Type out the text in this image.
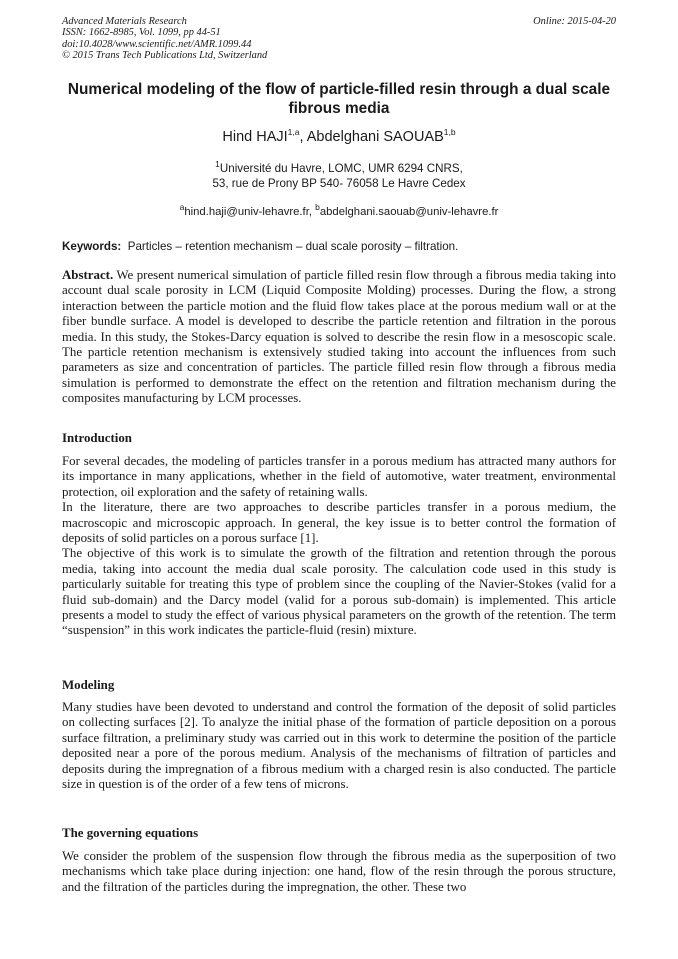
Advanced Materials Research
ISSN: 1662-8985, Vol. 1099, pp 44-51
doi:10.4028/www.scientific.net/AMR.1099.44
© 2015 Trans Tech Publications Ltd, Switzerland
Online: 2015-04-20
Numerical modeling of the flow of particle-filled resin through a dual scale fibrous media
Hind HAJI$^{1,a}$, Abdelghani SAOUAB$^{1,b}$
$^1$Université du Havre, LOMC, UMR 6294 CNRS,
53, rue de Prony BP 540- 76058 Le Havre Cedex
$^a$hind.haji@univ-lehavre.fr, $^b$abdelghani.saouab@univ-lehavre.fr
Keywords: Particles – retention mechanism – dual scale porosity – filtration.
Abstract. We present numerical simulation of particle filled resin flow through a fibrous media taking into account dual scale porosity in LCM (Liquid Composite Molding) processes. During the flow, a strong interaction between the particle motion and the fluid flow takes place at the porous medium wall or at the fiber bundle surface. A model is developed to describe the particle retention and filtration in the porous media. In this study, the Stokes-Darcy equation is solved to describe the resin flow in a mesoscopic scale. The particle retention mechanism is extensively studied taking into account the influences from such parameters as size and concentration of particles. The particle filled resin flow through a fibrous media simulation is performed to demonstrate the effect on the retention and filtration mechanism during the composites manufacturing by LCM processes.
Introduction

For several decades, the modeling of particles transfer in a porous medium has attracted many authors for its importance in many applications, whether in the field of automotive, water treatment, environmental protection, oil exploration and the safety of retaining walls.

In the literature, there are two approaches to describe particles transfer in a porous medium, the macroscopic and microscopic approach. In general, the key issue is to better control the formation of deposits of solid particles on a porous surface [1].

The objective of this work is to simulate the growth of the filtration and retention through the porous media, taking into account the media dual scale porosity. The calculation code used in this study is particularly suitable for treating this type of problem since the coupling of the Navier-Stokes (valid for a fluid sub-domain) and the Darcy model (valid for a porous sub-domain) is implemented. This article presents a model to study the effect of various physical parameters on the growth of the retention. The term “suspension” in this work indicates the particle-fluid (resin) mixture.

Modeling
Many studies have been devoted to understand and control the formation of the deposit of solid particles on collecting surfaces [2]. To analyze the initial phase of the formation of particle deposition on a porous surface filtration, a preliminary study was carried out in this work to determine the position of the particle deposited near a pore of the porous medium. Analysis of the mechanisms of filtration of particles and deposits during the impregnation of a fibrous medium with a charged resin is also conducted. The particle size in question is of the order of a few tens of microns.
The governing equations
We consider the problem of the suspension flow through the fibrous media as the superposition of two mechanisms which take place during injection: one hand, flow of the resin through the porous structure, and the filtration of the particles during the impregnation, the other. These two
